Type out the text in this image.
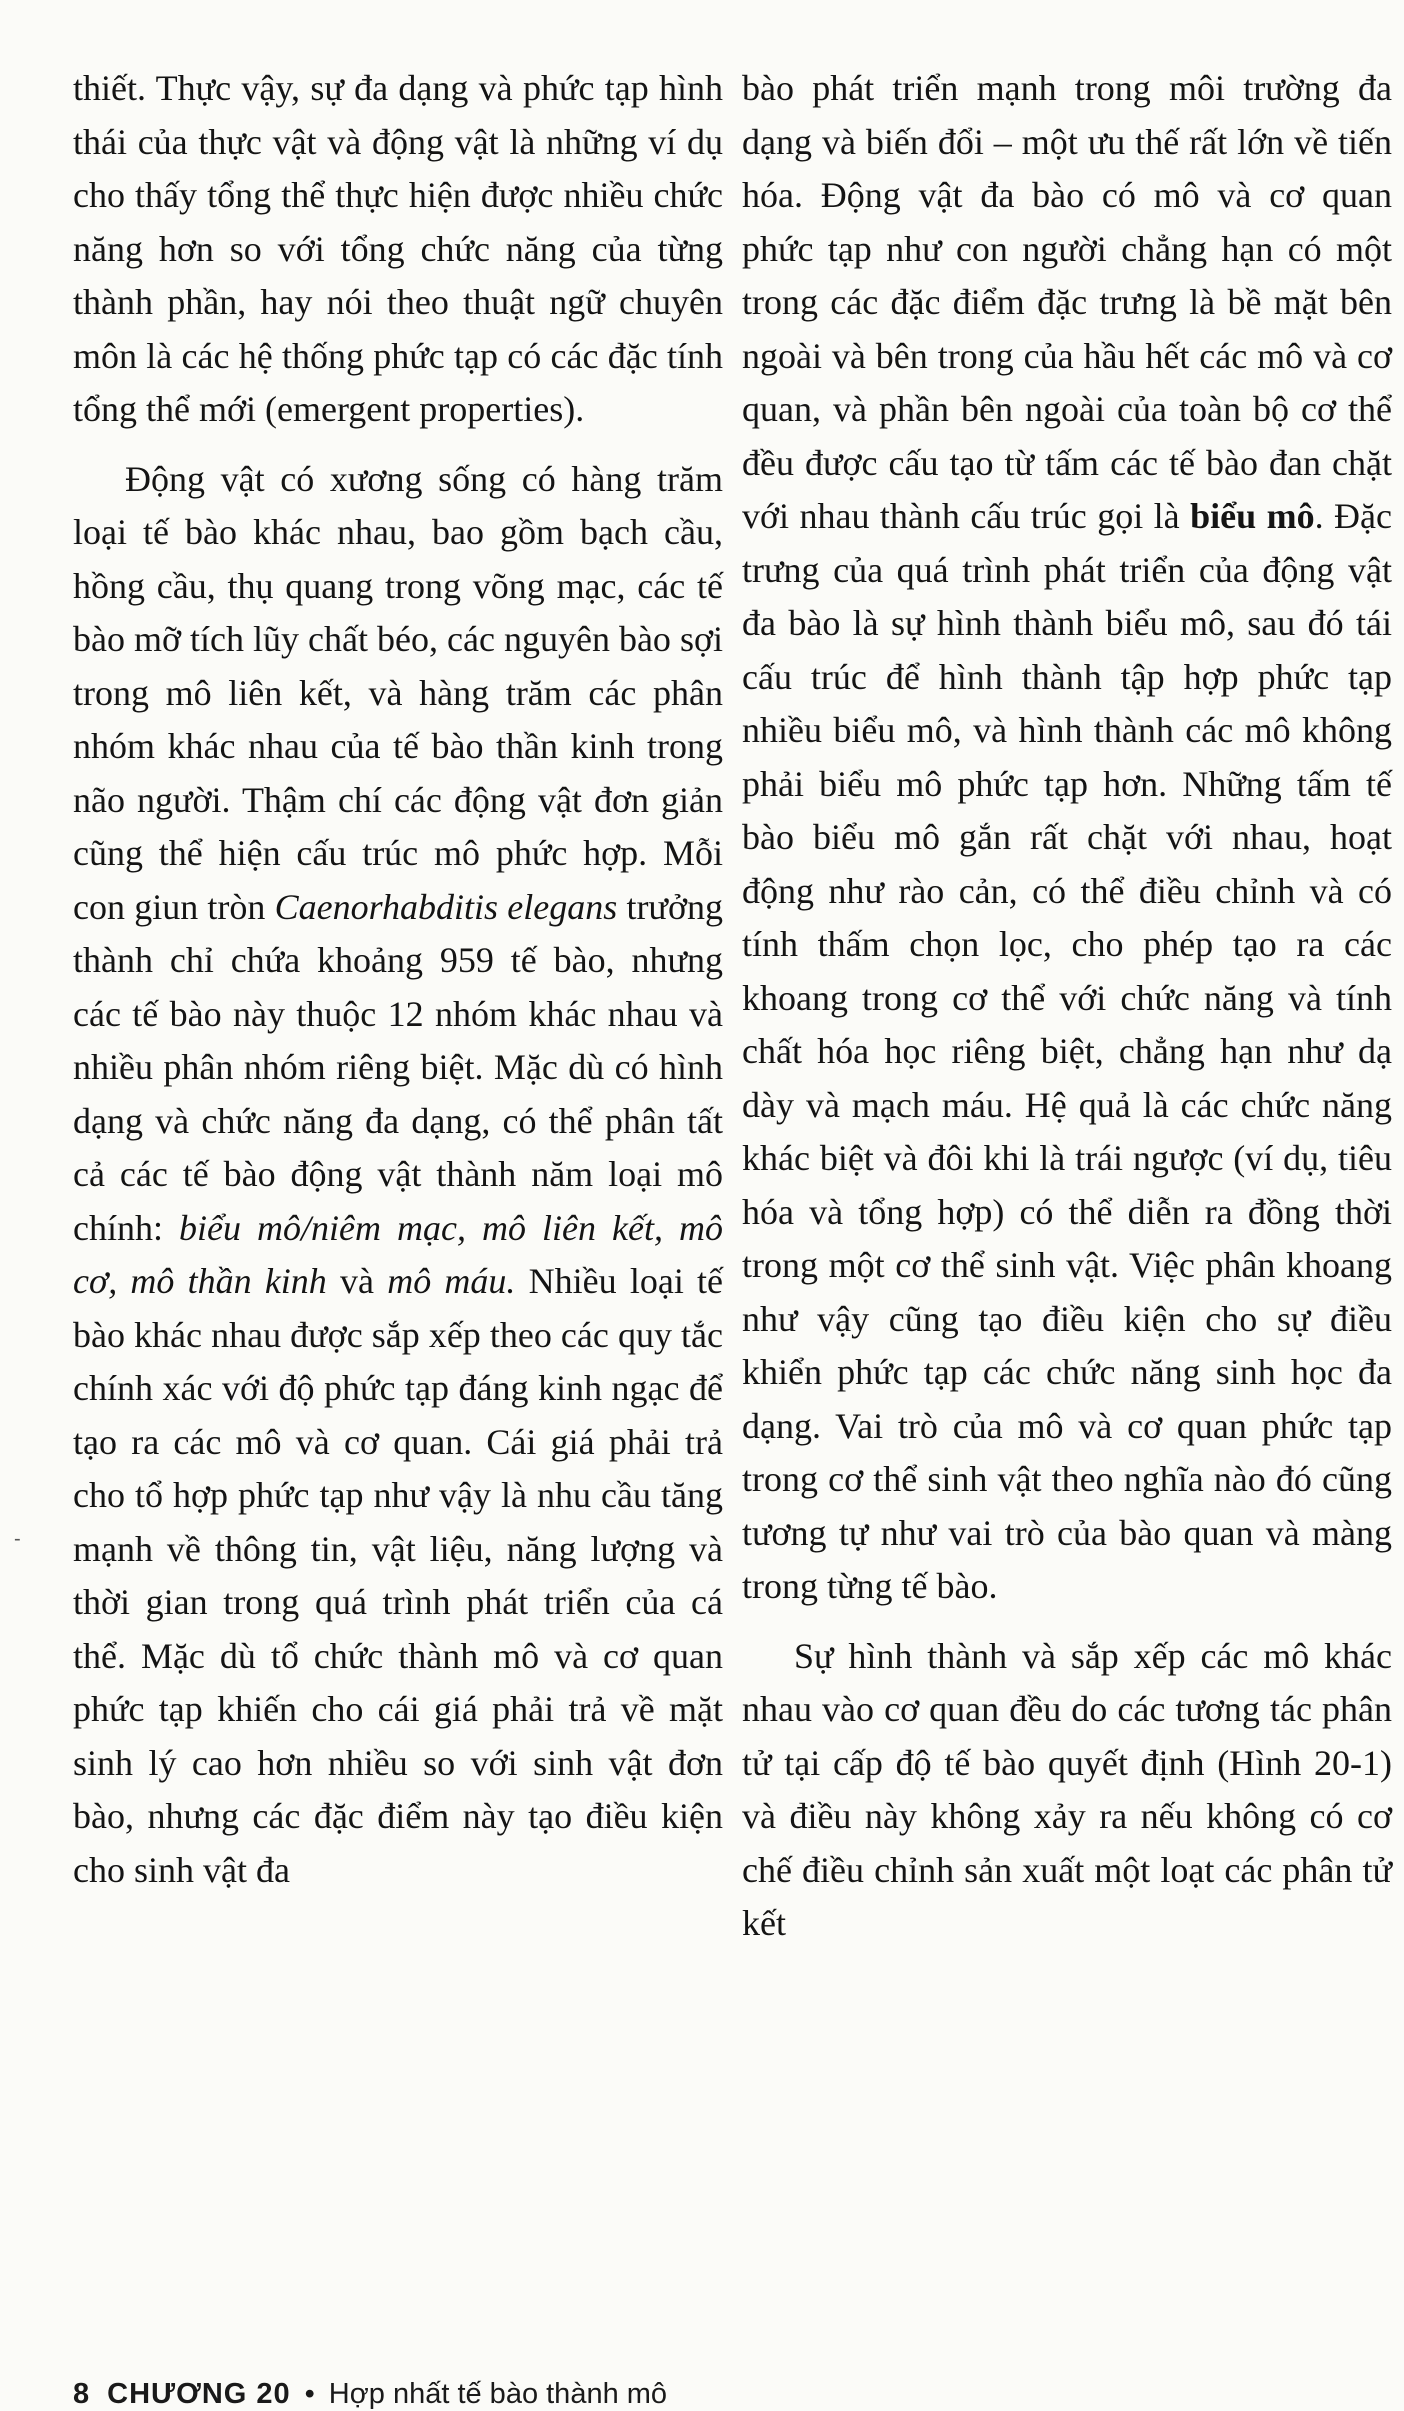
thiết. Thực vậy, sự đa dạng và phức tạp hình thái của thực vật và động vật là những ví dụ cho thấy tổng thể thực hiện được nhiều chức năng hơn so với tổng chức năng của từng thành phần, hay nói theo thuật ngữ chuyên môn là các hệ thống phức tạp có các đặc tính tổng thể mới (emergent properties).

Động vật có xương sống có hàng trăm loại tế bào khác nhau, bao gồm bạch cầu, hồng cầu, thụ quang trong võng mạc, các tế bào mỡ tích lũy chất béo, các nguyên bào sợi trong mô liên kết, và hàng trăm các phân nhóm khác nhau của tế bào thần kinh trong não người. Thậm chí các động vật đơn giản cũng thể hiện cấu trúc mô phức hợp. Mỗi con giun tròn Caenorhabditis elegans trưởng thành chỉ chứa khoảng 959 tế bào, nhưng các tế bào này thuộc 12 nhóm khác nhau và nhiều phân nhóm riêng biệt. Mặc dù có hình dạng và chức năng đa dạng, có thể phân tất cả các tế bào động vật thành năm loại mô chính: biểu mô/niêm mạc, mô liên kết, mô cơ, mô thần kinh và mô máu. Nhiều loại tế bào khác nhau được sắp xếp theo các quy tắc chính xác với độ phức tạp đáng kinh ngạc để tạo ra các mô và cơ quan. Cái giá phải trả cho tổ hợp phức tạp như vậy là nhu cầu tăng mạnh về thông tin, vật liệu, năng lượng và thời gian trong quá trình phát triển của cá thể. Mặc dù tổ chức thành mô và cơ quan phức tạp khiến cho cái giá phải trả về mặt sinh lý cao hơn nhiều so với sinh vật đơn bào, nhưng các đặc điểm này tạo điều kiện cho sinh vật đa

bào phát triển mạnh trong môi trường đa dạng và biến đổi – một ưu thế rất lớn về tiến hóa. Động vật đa bào có mô và cơ quan phức tạp như con người chẳng hạn có một trong các đặc điểm đặc trưng là bề mặt bên ngoài và bên trong của hầu hết các mô và cơ quan, và phần bên ngoài của toàn bộ cơ thể đều được cấu tạo từ tấm các tế bào đan chặt với nhau thành cấu trúc gọi là biểu mô. Đặc trưng của quá trình phát triển của động vật đa bào là sự hình thành biểu mô, sau đó tái cấu trúc để hình thành tập hợp phức tạp nhiều biểu mô, và hình thành các mô không phải biểu mô phức tạp hơn. Những tấm tế bào biểu mô gắn rất chặt với nhau, hoạt động như rào cản, có thể điều chỉnh và có tính thấm chọn lọc, cho phép tạo ra các khoang trong cơ thể với chức năng và tính chất hóa học riêng biệt, chẳng hạn như dạ dày và mạch máu. Hệ quả là các chức năng khác biệt và đôi khi là trái ngược (ví dụ, tiêu hóa và tổng hợp) có thể diễn ra đồng thời trong một cơ thể sinh vật. Việc phân khoang như vậy cũng tạo điều kiện cho sự điều khiển phức tạp các chức năng sinh học đa dạng. Vai trò của mô và cơ quan phức tạp trong cơ thể sinh vật theo nghĩa nào đó cũng tương tự như vai trò của bào quan và màng trong từng tế bào.

Sự hình thành và sắp xếp các mô khác nhau vào cơ quan đều do các tương tác phân tử tại cấp độ tế bào quyết định (Hình 20-1) và điều này không xảy ra nếu không có cơ chế điều chỉnh sản xuất một loạt các phân tử kết

-
8 CHƯƠNG 20 • Hợp nhất tế bào thành mô
